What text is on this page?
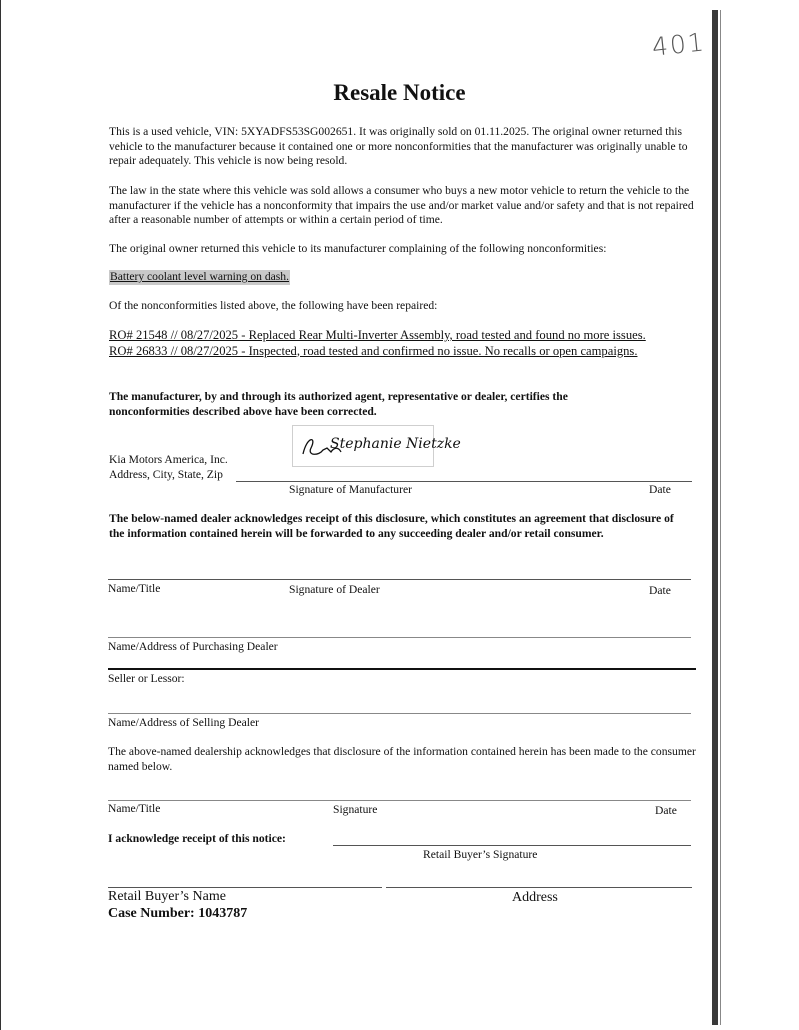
401
Resale Notice
This is a used vehicle, VIN: 5XYADFS53SG002651. It was originally sold on 01.11.2025. The original owner returned this vehicle to the manufacturer because it contained one or more nonconformities that the manufacturer was originally unable to repair adequately. This vehicle is now being resold.
The law in the state where this vehicle was sold allows a consumer who buys a new motor vehicle to return the vehicle to the manufacturer if the vehicle has a nonconformity that impairs the use and/or market value and/or safety and that is not repaired after a reasonable number of attempts or within a certain period of time.
The original owner returned this vehicle to its manufacturer complaining of the following nonconformities:
Battery coolant level warning on dash.
Of the nonconformities listed above, the following have been repaired:
RO# 21548 // 08/27/2025 - Replaced Rear Multi-Inverter Assembly, road tested and found no more issues. RO# 26833 // 08/27/2025 - Inspected, road tested and confirmed no issue. No recalls or open campaigns.
The manufacturer, by and through its authorized agent, representative or dealer, certifies the nonconformities described above have been corrected.
Stephanie Nietzke
Kia Motors America, Inc.
Address, City, State, Zip
Signature of Manufacturer	Date
The below-named dealer acknowledges receipt of this disclosure, which constitutes an agreement that disclosure of the information contained herein will be forwarded to any succeeding dealer and/or retail consumer.
Name/Title	Signature of Dealer	Date
Name/Address of Purchasing Dealer
Seller or Lessor:
Name/Address of Selling Dealer
The above-named dealership acknowledges that disclosure of the information contained herein has been made to the consumer named below.
Name/Title	Signature	Date
I acknowledge receipt of this notice:
Retail Buyer’s Signature
Retail Buyer’s Name	Address
Case Number: 1043787
